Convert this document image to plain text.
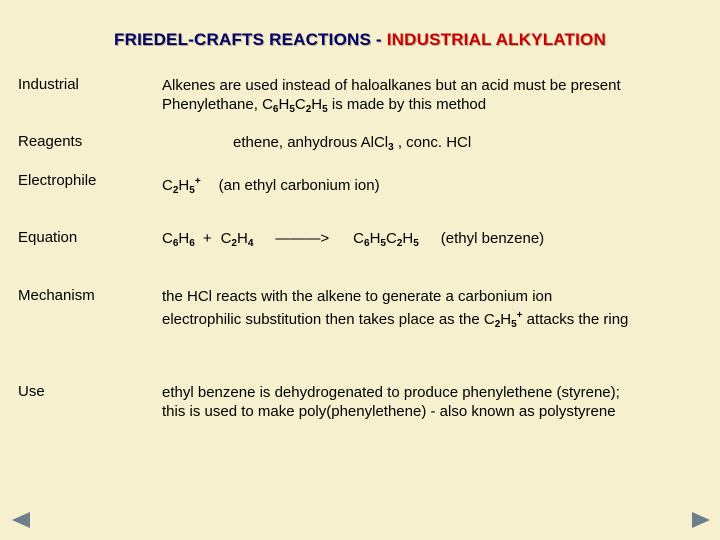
FRIEDEL-CRAFTS REACTIONS - INDUSTRIAL ALKYLATION
Industrial	Alkenes are used instead of haloalkanes but an acid must be present
Phenylethane, $C_6H_5C_2H_5$ is made by this method
Reagents	ethene, anhydrous AlCl$_3$ , conc. HCl
Electrophile	$C_2H_5^+$ (an ethyl carbonium ion)
Equation	$C_6H_6 + C_2H_4$ ———> $C_6H_5C_2H_5$ (ethyl benzene)
Mechanism	the HCl reacts with the alkene to generate a carbonium ion
electrophilic substitution then takes place as the $C_2H_5^+$ attacks the ring
Use	ethyl benzene is dehydrogenated to produce phenylethene (styrene);
this is used to make poly(phenylethene) - also known as polystyrene
